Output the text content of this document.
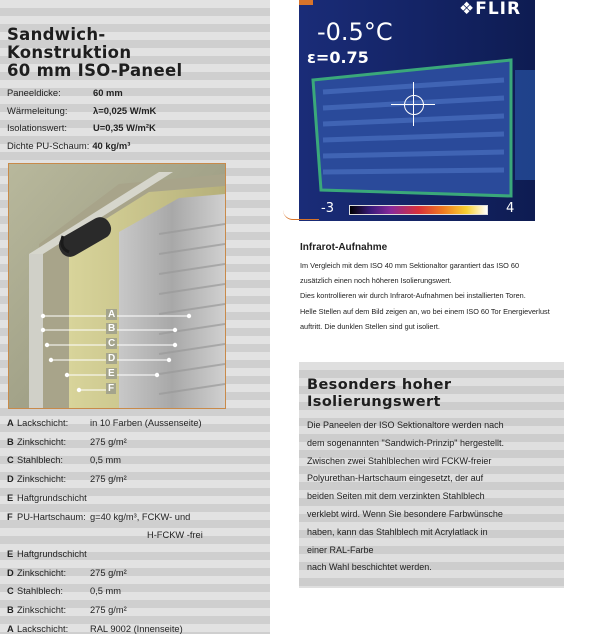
Sandwich-
Konstruktion
60 mm ISO-Paneel
Paneeldicke:	60 mm
Wärmeleitung:	λ=0,025 W/mK
Isolationswert:	U=0,35 W/m²K
Dichte PU-Schaum: 40 kg/m³
A
B
C
D
E
F
A Lackschicht:	in 10 Farben (Aussenseite)
B Zinkschicht:	275 g/m²
C Stahlblech:	0,5 mm
D Zinkschicht:	275 g/m²
E Haftgrundschicht
F PU-Hartschaum: g=40 kg/m³, FCKW- und
H-FCKW -frei
E Haftgrundschicht
D Zinkschicht:	275 g/m²
C Stahlblech:	0,5 mm
B Zinkschicht:	275 g/m²
A Lackschicht:	RAL 9002 (Innenseite)
❖FLIR
-0.5°C
ε=0.75
-3	4
Infrarot-Aufnahme
Im Vergleich mit dem ISO 40 mm Sektionaltor garantiert das ISO 60
zusätzlich einen noch höheren Isolierungswert.
Dies kontrollieren wir durch Infrarot-Aufnahmen bei installierten Toren.
Helle Stellen auf dem Bild zeigen an, wo bei einem ISO 60 Tor Energieverlust
auftritt. Die dunklen Stellen sind gut isoliert.
Besonders hoher
Isolierungswert
Die Paneelen der ISO Sektionaltore werden nach
dem sogenannten "Sandwich-Prinzip" hergestellt.
Zwischen zwei Stahlblechen wird FCKW-freier
Polyurethan-Hartschaum eingesetzt, der auf
beiden Seiten mit dem verzinkten Stahlblech
verklebt wird. Wenn Sie besondere Farbwünsche
haben, kann das Stahlblech mit Acrylatlack in
einer RAL-Farbe
nach Wahl beschichtet werden.
